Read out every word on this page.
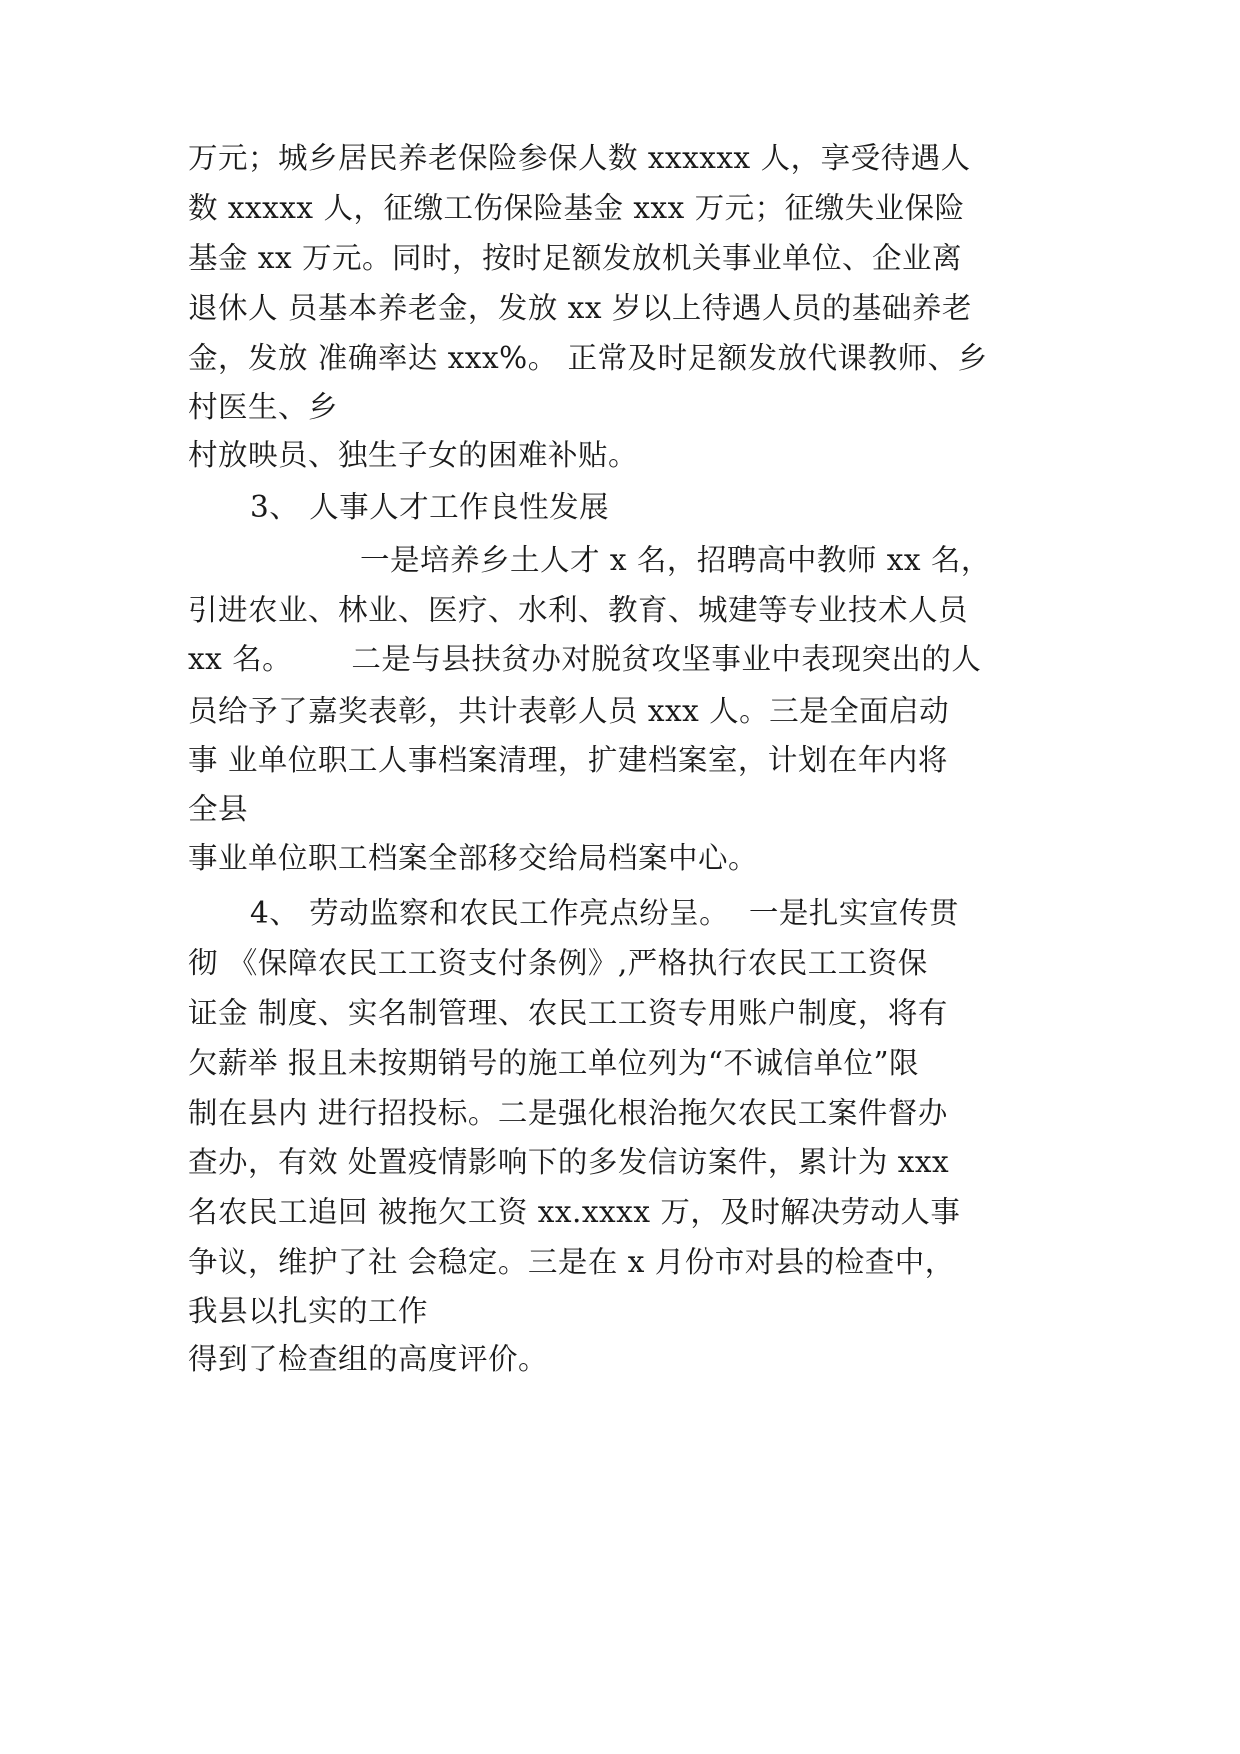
万元；城乡居民养老保险参保人数 xxxxxx 人，享受待遇人
数 xxxxx 人，征缴工伤保险基金 xxx 万元；征缴失业保险
基金 xx 万元。同时，按时足额发放机关事业单位、企业离
退休人 员基本养老金，发放 xx 岁以上待遇人员的基础养老
金，发放 准确率达 xxx%。 正常及时足额发放代课教师、乡
村医生、乡
村放映员、独生子女的困难补贴。
3、 人事人才工作良性发展
一是培养乡土人才 x 名，招聘高中教师 xx 名，
引进农业、林业、医疗、水利、教育、城建等专业技术人员
xx 名。      二是与县扶贫办对脱贫攻坚事业中表现突出的人
员给予了嘉奖表彰，共计表彰人员 xxx 人。三是全面启动
事 业单位职工人事档案清理，扩建档案室，计划在年内将
全县
事业单位职工档案全部移交给局档案中心。
4、 劳动监察和农民工作亮点纷呈。  一是扎实宣传贯
彻 《保障农民工工资支付条例》,严格执行农民工工资保
证金 制度、实名制管理、农民工工资专用账户制度，将有
欠薪举 报且未按期销号的施工单位列为“不诚信单位”限
制在县内 进行招投标。二是强化根治拖欠农民工案件督办
查办，有效 处置疫情影响下的多发信访案件，累计为 xxx
名农民工追回 被拖欠工资 xx.xxxx 万，及时解决劳动人事
争议，维护了社 会稳定。三是在 x 月份市对县的检查中，
我县以扎实的工作
得到了检查组的高度评价。
